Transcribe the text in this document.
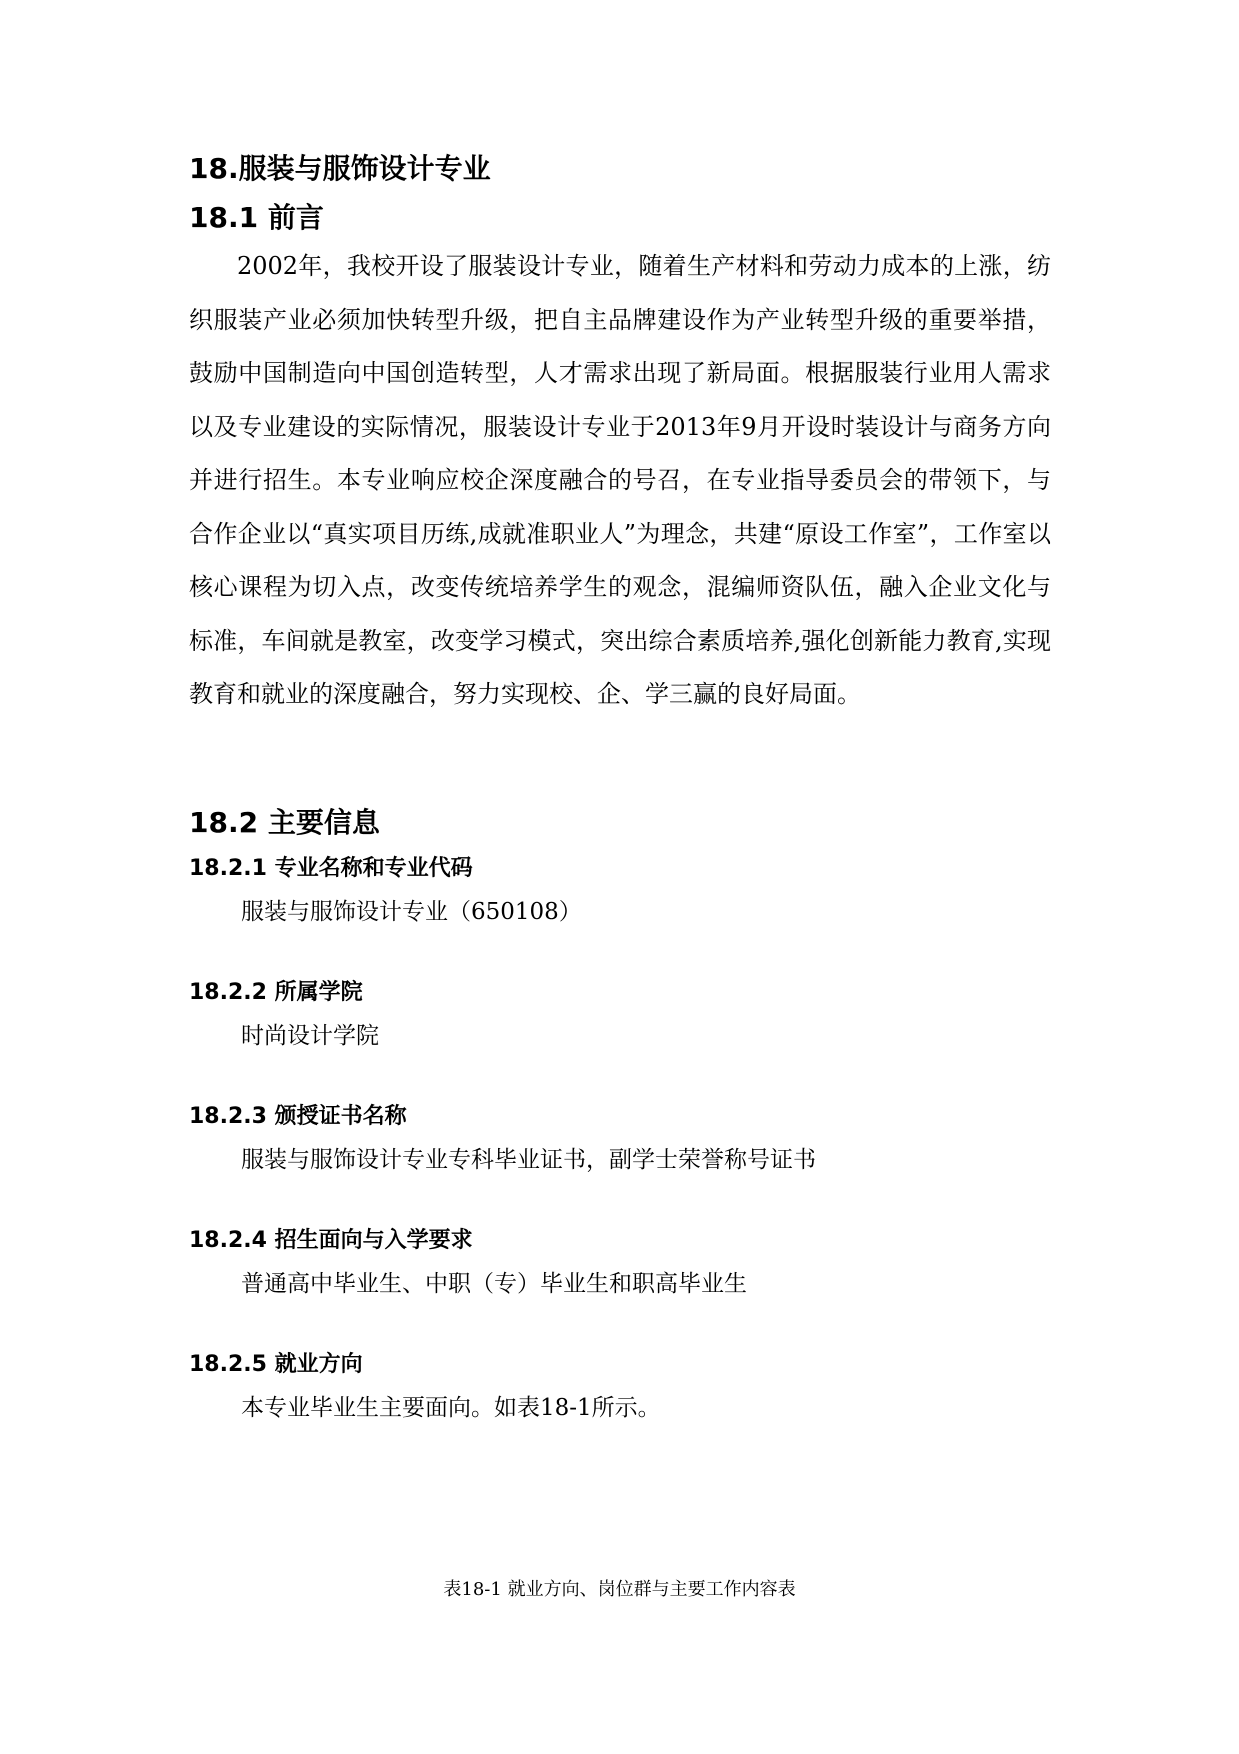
18.服装与服饰设计专业
18.1 前言

2002年，我校开设了服装设计专业，随着生产材料和劳动力成本的上涨，纺织服装产业必须加快转型升级，把自主品牌建设作为产业转型升级的重要举措，鼓励中国制造向中国创造转型，人才需求出现了新局面。根据服装行业用人需求以及专业建设的实际情况，服装设计专业于2013年9月开设时装设计与商务方向并进行招生。本专业响应校企深度融合的号召，在专业指导委员会的带领下，与合作企业以“真实项目历练,成就准职业人”为理念，共建“原设工作室”，工作室以核心课程为切入点，改变传统培养学生的观念，混编师资队伍，融入企业文化与标准，车间就是教室，改变学习模式，突出综合素质培养,强化创新能力教育,实现教育和就业的深度融合，努力实现校、企、学三赢的良好局面。

18.2 主要信息
18.2.1 专业名称和专业代码
服装与服饰设计专业（650108）
18.2.2 所属学院
时尚设计学院
18.2.3 颁授证书名称
服装与服饰设计专业专科毕业证书，副学士荣誉称号证书
18.2.4 招生面向与入学要求
普通高中毕业生、中职（专）毕业生和职高毕业生
18.2.5 就业方向
本专业毕业生主要面向。如表18-1所示。
表18-1 就业方向、岗位群与主要工作内容表
